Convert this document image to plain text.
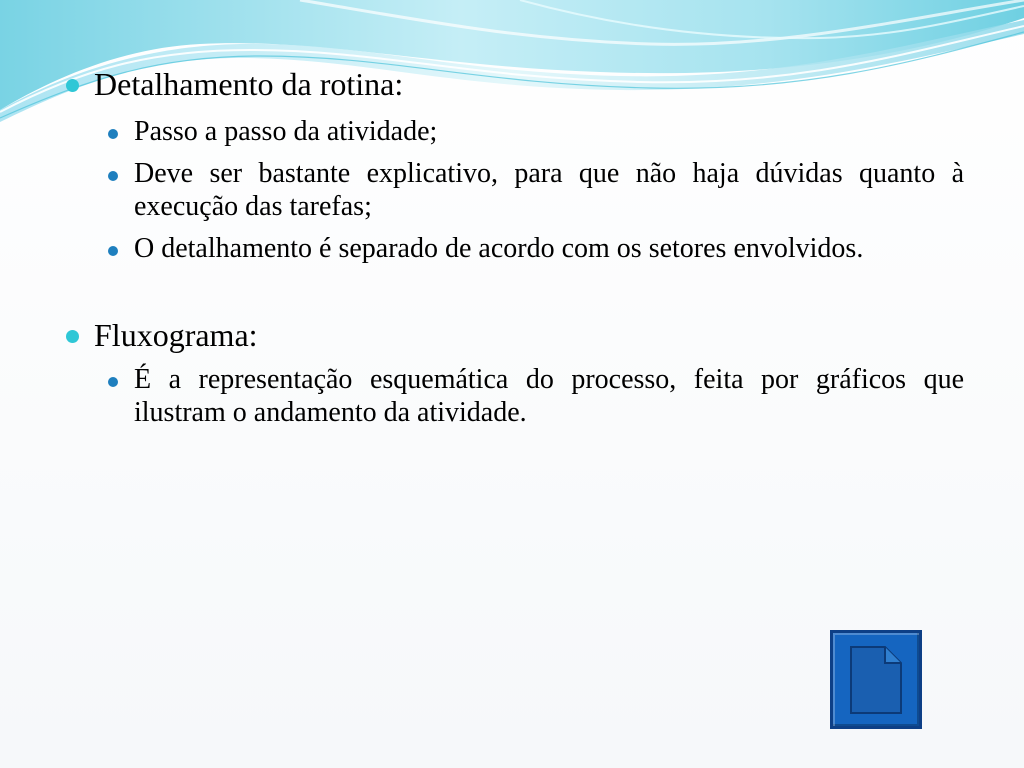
Detalhamento da rotina:

Passo a passo da atividade;
Deve ser bastante explicativo, para que não haja dúvidas quanto à execução das tarefas;
O detalhamento é separado de acordo com os setores envolvidos.

Fluxograma:

É a representação esquemática do processo, feita por gráficos que ilustram o andamento da atividade.
